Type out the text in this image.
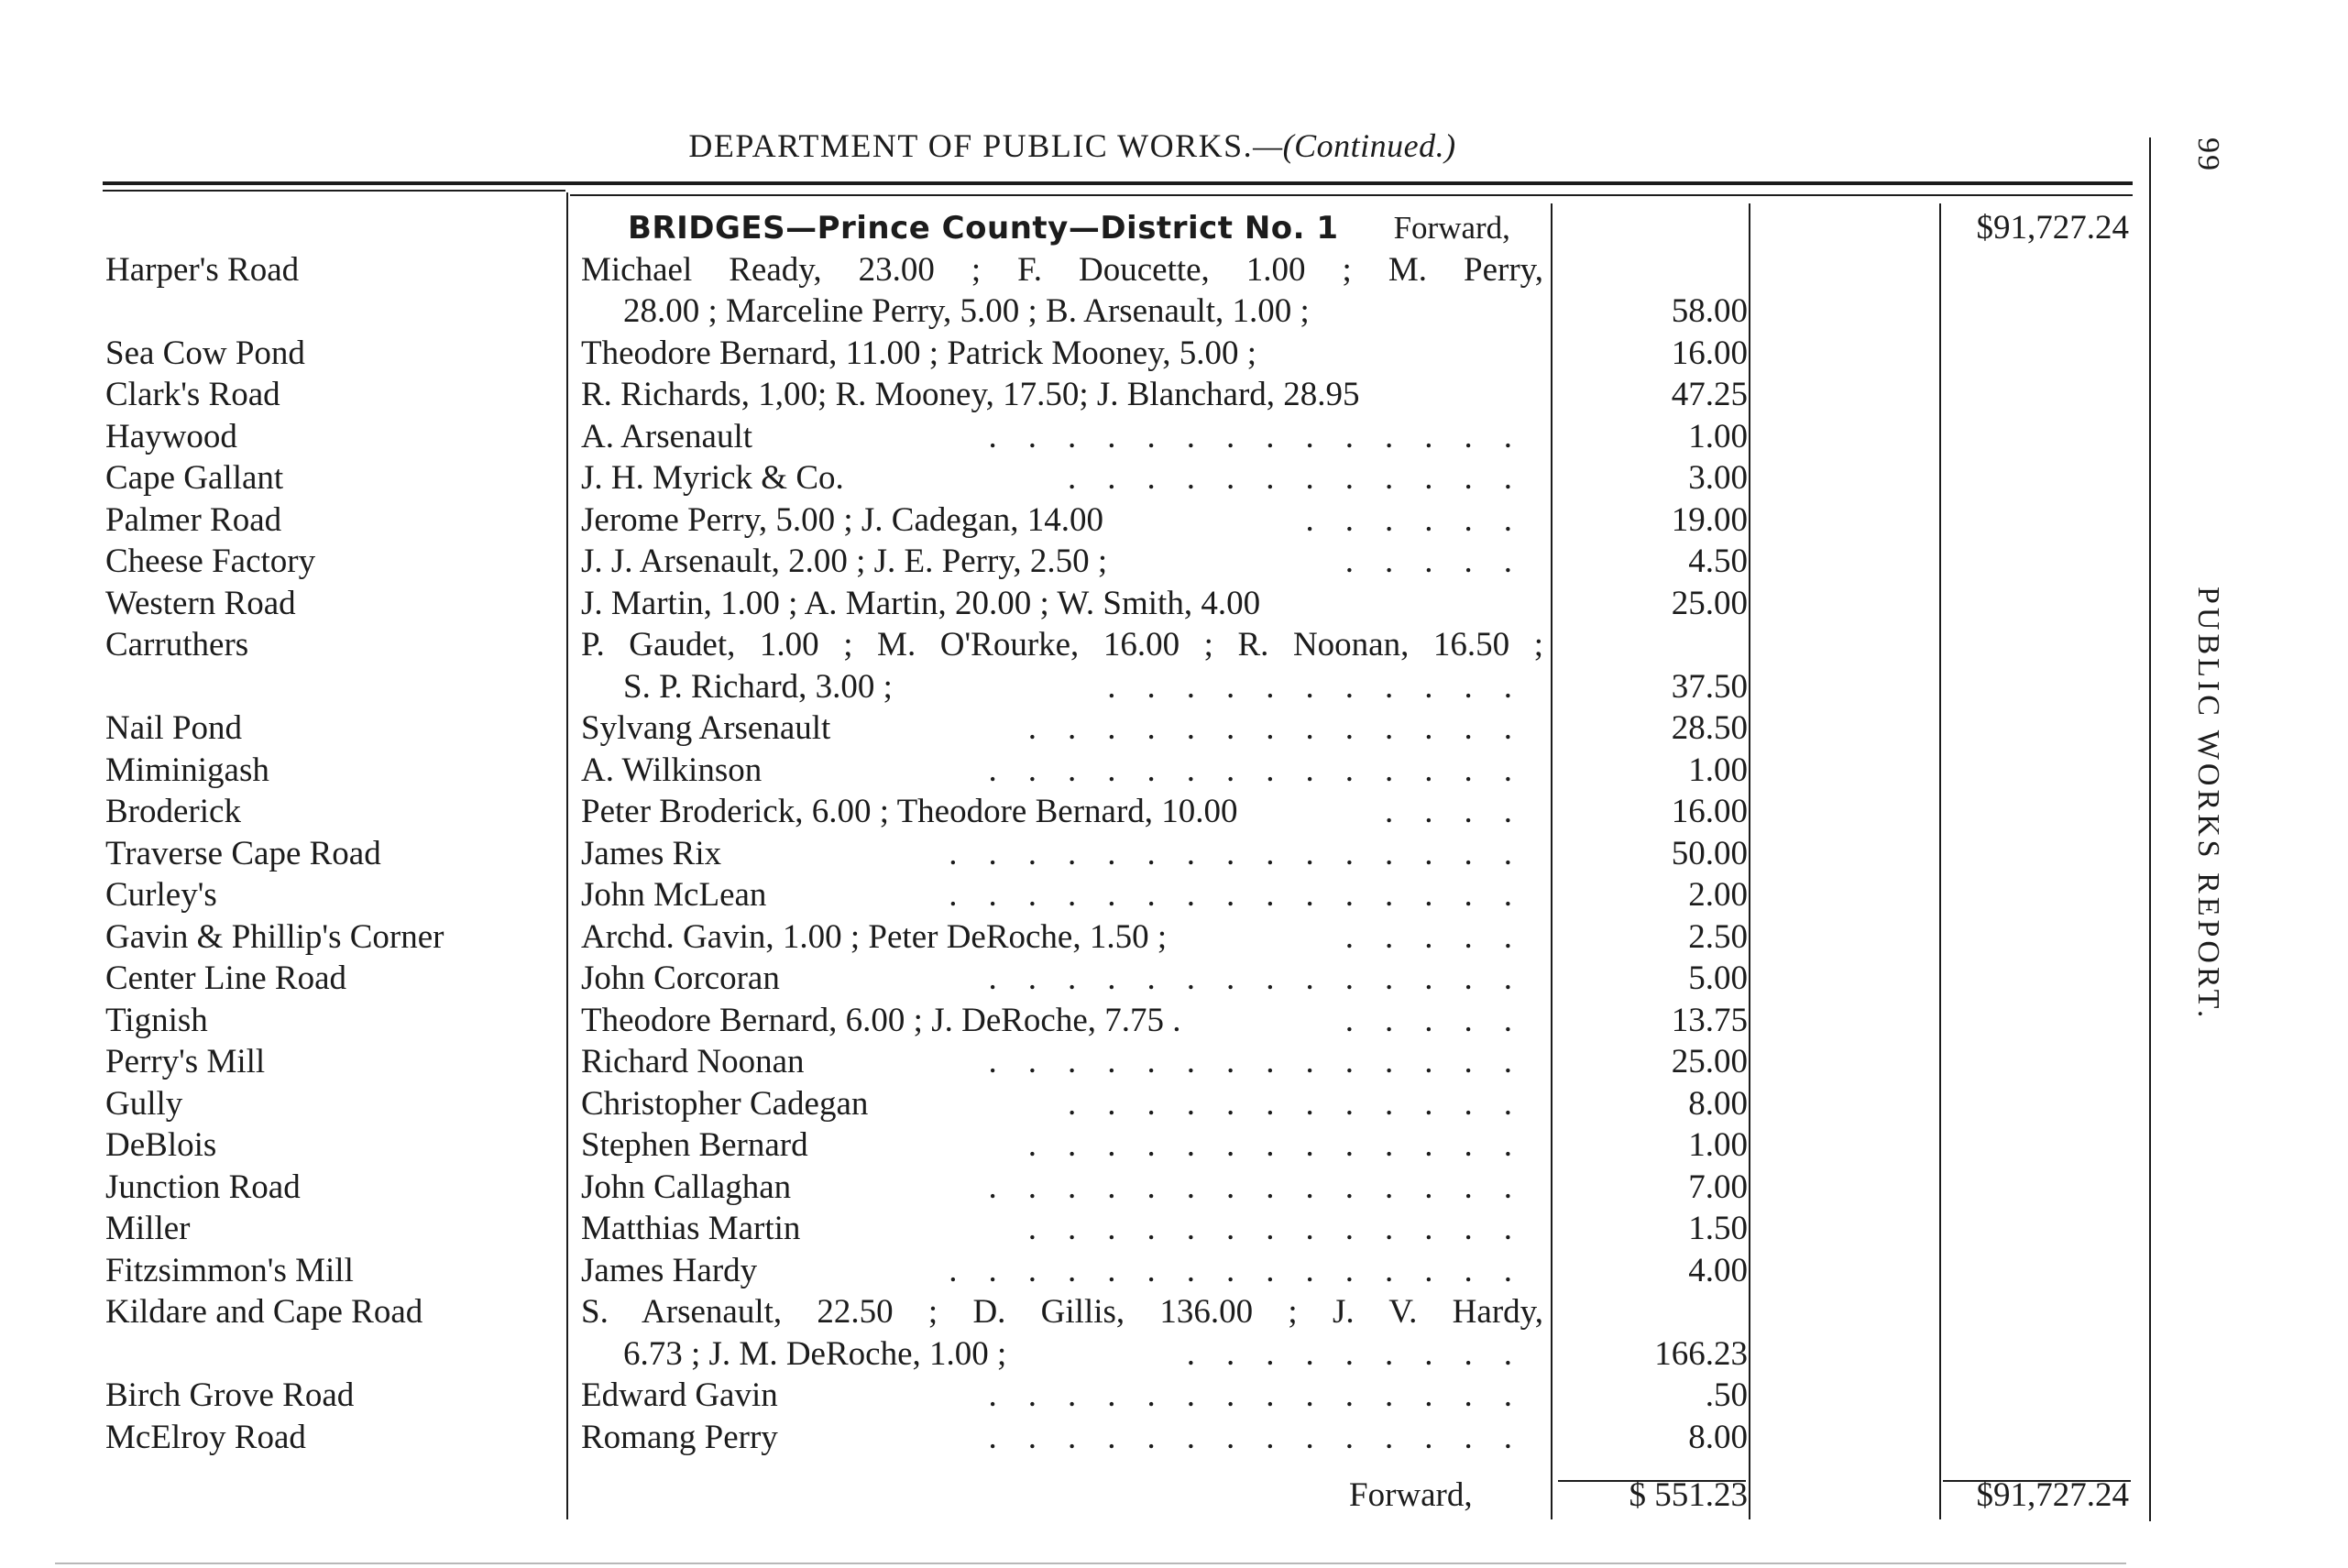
DEPARTMENT OF PUBLIC WORKS.—(Continued.)	99
PUBLIC WORKS REPORT.
BRIDGES—Prince County—District No. 1 Forward,	$91,727.24
Harper's Road	Michael Ready, 23.00 ; F. Doucette, 1.00 ; M. Perry,
28.00 ; Marceline Perry, 5.00 ; B. Arsenault, 1.00 ;	58.00
Sea Cow Pond	Theodore Bernard, 11.00 ; Patrick Mooney, 5.00 ;	16.00
Clark's Road	R. Richards, 1,00; R. Mooney, 17.50; J. Blanchard, 28.95	47.25
Haywood	A. Arsenault	..............	1.00
Cape Gallant	J. H. Myrick & Co.	............	3.00
Palmer Road	Jerome Perry, 5.00 ; J. Cadegan, 14.00	......	19.00
Cheese Factory	J. J. Arsenault, 2.00 ; J. E. Perry, 2.50 ;	.....	4.50
Western Road	J. Martin, 1.00 ; A. Martin, 20.00 ; W. Smith, 4.00	25.00
Carruthers	P. Gaudet, 1.00 ; M. O'Rourke, 16.00 ; R. Noonan, 16.50 ;
S. P. Richard, 3.00 ;	...........	37.50
Nail Pond	Sylvang Arsenault	.............	28.50
Miminigash	A. Wilkinson	..............	1.00
Broderick	Peter Broderick, 6.00 ; Theodore Bernard, 10.00	....	16.00
Traverse Cape Road	James Rix	...............	50.00
Curley's	John McLean	...............	2.00
Gavin & Phillip's Corner	Archd. Gavin, 1.00 ; Peter DeRoche, 1.50 ;	.....	2.50
Center Line Road	John Corcoran	..............	5.00
Tignish	Theodore Bernard, 6.00 ; J. DeRoche, 7.75 .	.....	13.75
Perry's Mill	Richard Noonan	..............	25.00
Gully	Christopher Cadegan	............	8.00
DeBlois	Stephen Bernard	.............	1.00
Junction Road	John Callaghan	..............	7.00
Miller	Matthias Martin	.............	1.50
Fitzsimmon's Mill	James Hardy	...............	4.00
Kildare and Cape Road	S. Arsenault, 22.50 ; D. Gillis, 136.00 ; J. V. Hardy,
6.73 ; J. M. DeRoche, 1.00 ;	.........	166.23
Birch Grove Road	Edward Gavin	..............	.50
McElroy Road	Romang Perry	..............	8.00
Forward,	$ 551.23	$91,727.24
